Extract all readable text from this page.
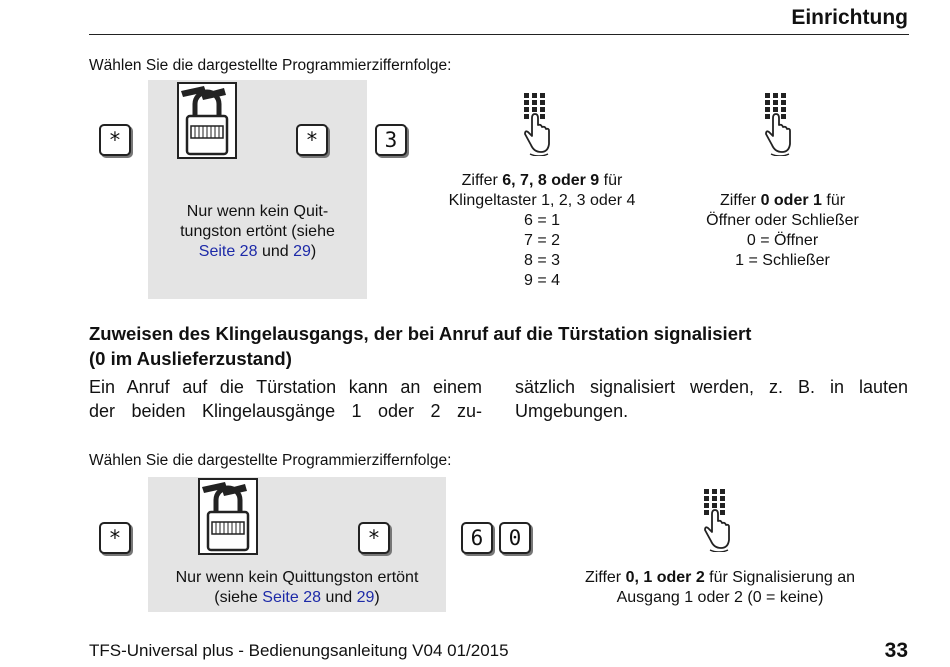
Einrichtung
Wählen Sie die dargestellte Programmierziffernfolge:
*	*	3
Nur wenn kein Quit-
tungston ertönt (siehe
Seite 28 und 29)
Ziffer 6, 7, 8 oder 9 für
Klingeltaster 1, 2, 3 oder 4
6 = 1
7 = 2
8 = 3
9 = 4
Ziffer 0 oder 1 für
Öffner oder Schließer
0 = Öffner
1 = Schließer
Zuweisen des Klingelausgangs, der bei Anruf auf die Türstation signalisiert
(0 im Auslieferzustand)
Ein Anruf auf die Türstation kann an einem
der beiden Klingelausgänge 1 oder 2 zu-
sätzlich signalisiert werden, z. B. in lauten
Umgebungen.
Wählen Sie die dargestellte Programmierziffernfolge:
*	*	6	0
Nur wenn kein Quittungston ertönt
(siehe Seite 28 und 29)
Ziffer 0, 1 oder 2 für Signalisierung an
Ausgang 1 oder 2 (0 = keine)
TFS-Universal plus - Bedienungsanleitung V04 01/2015	33
